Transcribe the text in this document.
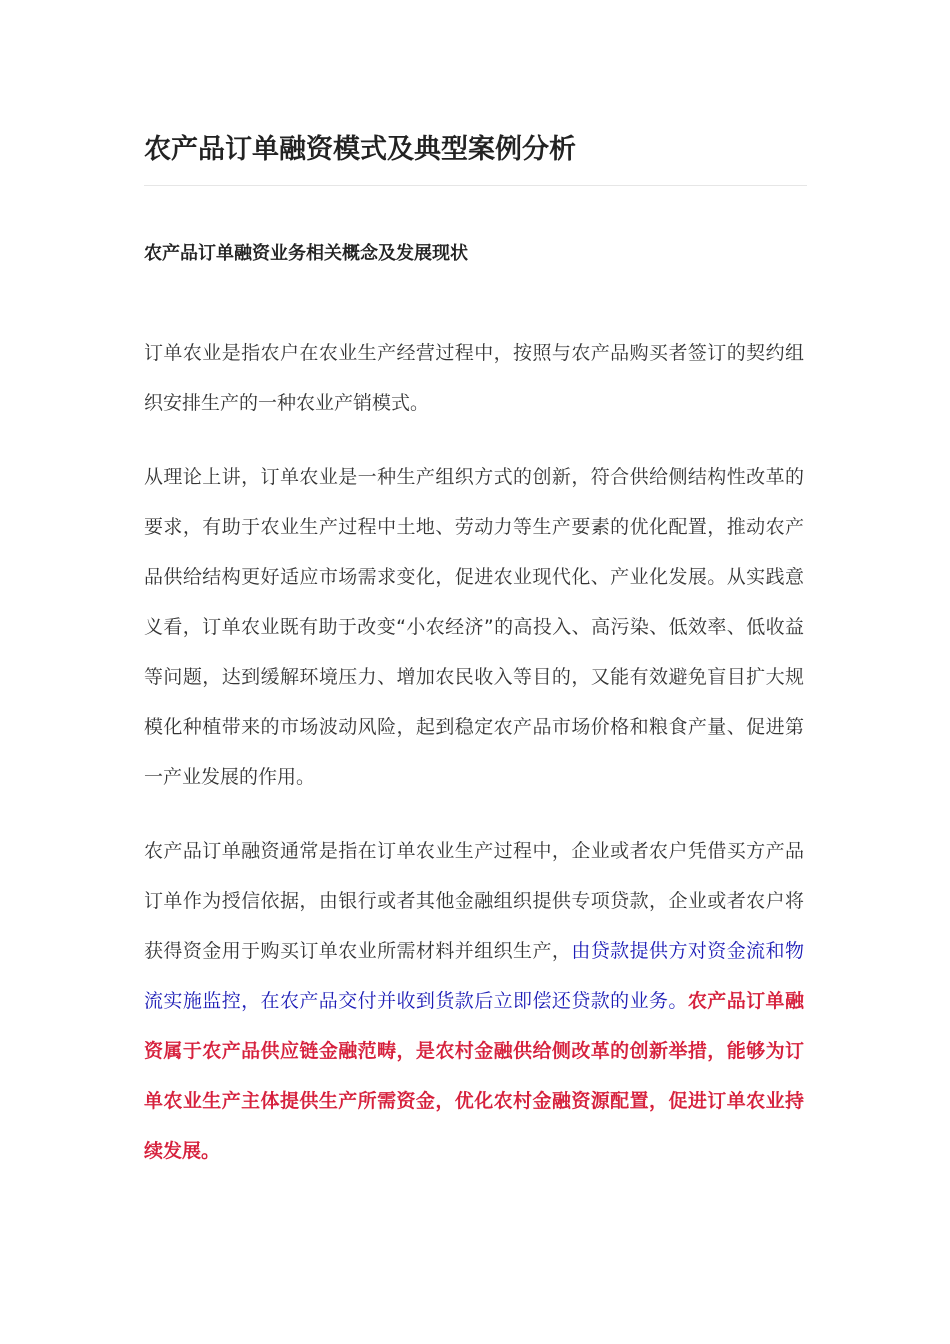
农产品订单融资模式及典型案例分析
农产品订单融资业务相关概念及发展现状

订单农业是指农户在农业生产经营过程中，按照与农产品购买者签订的契约组织安排生产的一种农业产销模式。

从理论上讲，订单农业是一种生产组织方式的创新，符合供给侧结构性改革的要求，有助于农业生产过程中土地、劳动力等生产要素的优化配置，推动农产品供给结构更好适应市场需求变化，促进农业现代化、产业化发展。从实践意义看，订单农业既有助于改变“小农经济”的高投入、高污染、低效率、低收益等问题，达到缓解环境压力、增加农民收入等目的，又能有效避免盲目扩大规模化种植带来的市场波动风险，起到稳定农产品市场价格和粮食产量、促进第一产业发展的作用。

农产品订单融资通常是指在订单农业生产过程中，企业或者农户凭借买方产品订单作为授信依据，由银行或者其他金融组织提供专项贷款，企业或者农户将获得资金用于购买订单农业所需材料并组织生产，由贷款提供方对资金流和物流实施监控，在农产品交付并收到货款后立即偿还贷款的业务。农产品订单融资属于农产品供应链金融范畴，是农村金融供给侧改革的创新举措，能够为订单农业生产主体提供生产所需资金，优化农村金融资源配置，促进订单农业持续发展。
